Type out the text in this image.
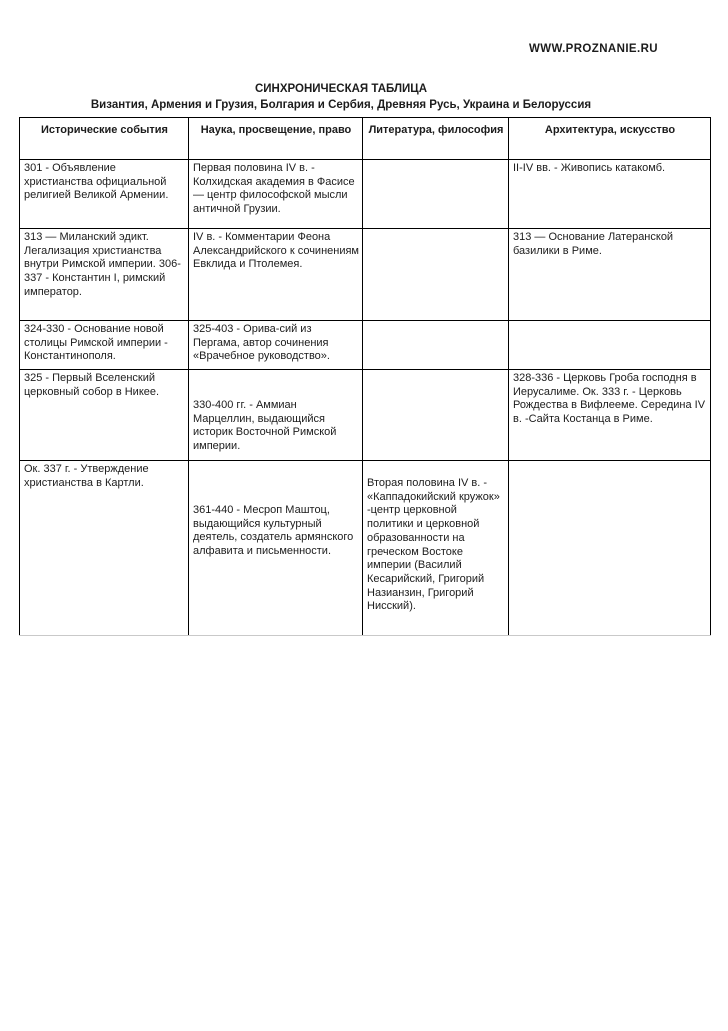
WWW.PROZNANIE.RU
СИНХРОНИЧЕСКАЯ ТАБЛИЦА
Византия, Армения и Грузия, Болгария и Сербия, Древняя Русь, Украина и Белоруссия
Исторические события	Наука, просвещение, право	Литература, философия	Архитектура, искусство

301 - Объявление христианства официальной религией Великой Армении.	Первая половина IV в. - Колхидская академия в Фасисе — центр философской мысли античной Грузии.		II-IV вв. - Живопись катакомб.

313 — Миланский эдикт. Легализация христианства внутри Римской империи. 306-337 - Константин I, римский император.	IV в. - Комментарии Феона Александрийского к сочинениям Евклида и Птолемея.		313 — Основание Латеранской базилики в Риме.

324-330 - Основание новой столицы Римской империи - Константинополя.	325-403 - Орива-сий из Пергама, автор сочинения «Врачебное руководство».		

325 - Первый Вселенский церковный собор в Никее.	330-400 гг. - Аммиан Марцеллин, выдающийся историк Восточной Римской империи.		328-336 - Церковь Гроба господня в Иерусалиме. Ок. 333 г. - Церковь Рождества в Вифлееме. Середина IV в. -Сайта Костанца в Риме.

Ок. 337 г. - Утверждение христианства в Картли.	361-440 - Месроп Маштоц, выдающийся культурный деятель, создатель армянского алфавита и письменности.	Вторая половина IV в. - «Каппадокийский кружок» -центр церковной политики и церковной образованности на греческом Востоке империи (Василий Кесарийский, Григорий Назианзин, Григорий Нисский).	
